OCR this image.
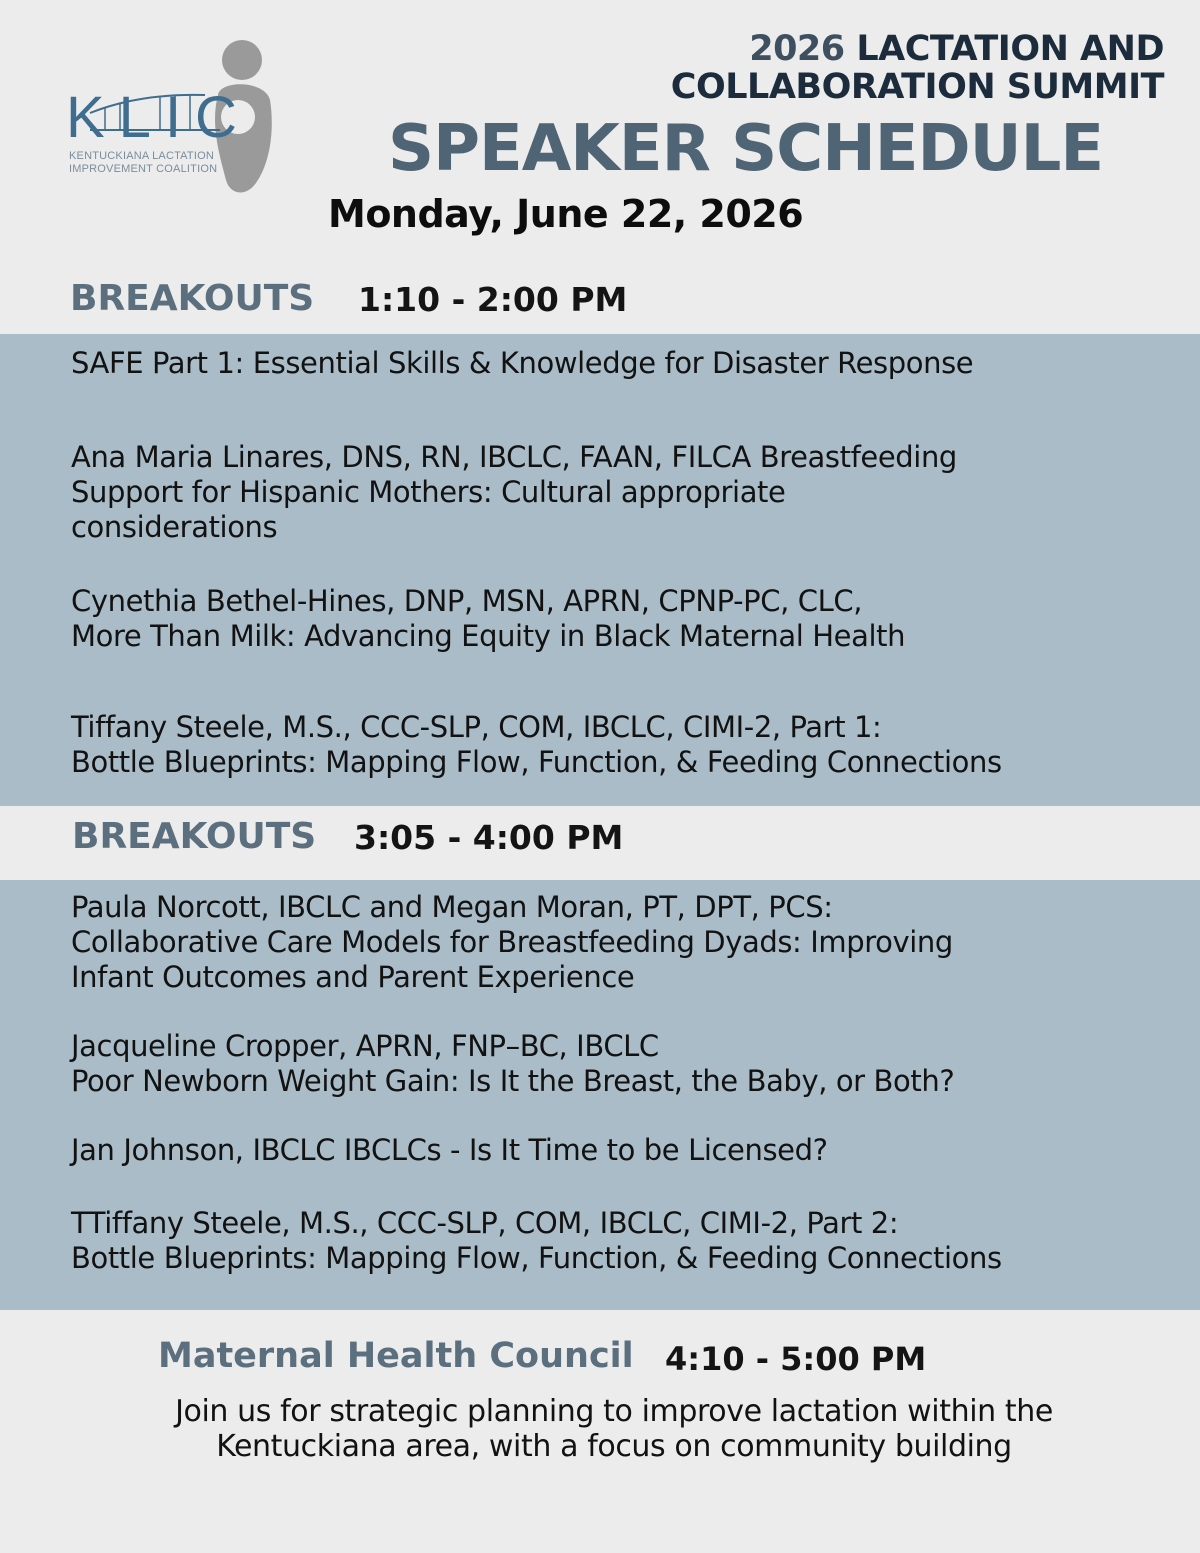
KLIC
KENTUCKIANA LACTATION
IMPROVEMENT COALITION
2026 LACTATION AND
COLLABORATION SUMMIT
SPEAKER SCHEDULE
Monday, June 22, 2026
BREAKOUTS 1:10 - 2:00 PM
SAFE Part 1: Essential Skills & Knowledge for Disaster Response
Ana Maria Linares, DNS, RN, IBCLC, FAAN, FILCA Breastfeeding
Support for Hispanic Mothers: Cultural appropriate
considerations
Cynethia Bethel-Hines, DNP, MSN, APRN, CPNP-PC, CLC,
More Than Milk: Advancing Equity in Black Maternal Health
Tiffany Steele, M.S., CCC-SLP, COM, IBCLC, CIMI-2, Part 1:
Bottle Blueprints: Mapping Flow, Function, & Feeding Connections
BREAKOUTS 3:05 - 4:00 PM
Paula Norcott, IBCLC and Megan Moran, PT, DPT, PCS:
Collaborative Care Models for Breastfeeding Dyads: Improving
Infant Outcomes and Parent Experience
Jacqueline Cropper, APRN, FNP–BC, IBCLC
Poor Newborn Weight Gain: Is It the Breast, the Baby, or Both?
Jan Johnson, IBCLC IBCLCs - Is It Time to be Licensed?
TTiffany Steele, M.S., CCC-SLP, COM, IBCLC, CIMI-2, Part 2:
Bottle Blueprints: Mapping Flow, Function, & Feeding Connections
Maternal Health Council 4:10 - 5:00 PM
Join us for strategic planning to improve lactation within the
Kentuckiana area, with a focus on community building
